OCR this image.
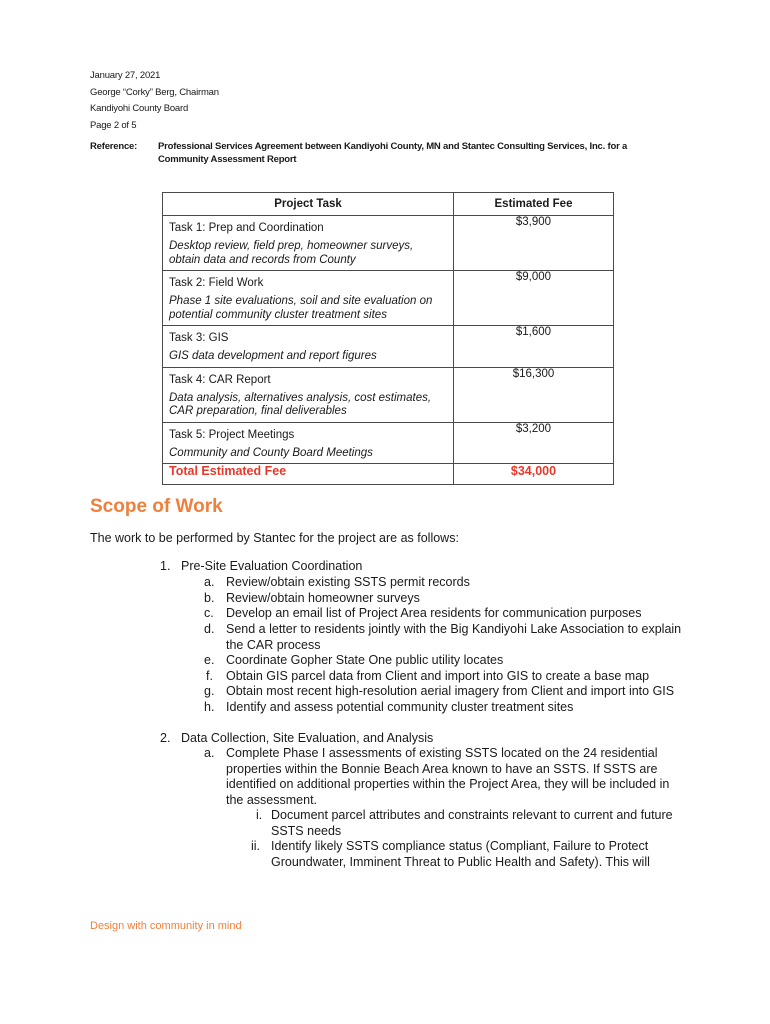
January 27, 2021
George “Corky” Berg, Chairman
Kandiyohi County Board
Page 2 of 5
Reference: Professional Services Agreement between Kandiyohi County, MN and Stantec Consulting Services, Inc. for a Community Assessment Report
Project Task	Estimated Fee

Task 1: Prep and Coordination
Desktop review, field prep, homeowner surveys, obtain data and records from County	$3,900

Task 2: Field Work
Phase 1 site evaluations, soil and site evaluation on potential community cluster treatment sites	$9,000

Task 3: GIS
GIS data development and report figures	$1,600

Task 4: CAR Report
Data analysis, alternatives analysis, cost estimates, CAR preparation, final deliverables	$16,300

Task 5: Project Meetings
Community and County Board Meetings	$3,200
Total Estimated Fee	$34,000
Scope of Work
The work to be performed by Stantec for the project are as follows:
1. Pre-Site Evaluation Coordination
a. Review/obtain existing SSTS permit records
b. Review/obtain homeowner surveys
c. Develop an email list of Project Area residents for communication purposes
d. Send a letter to residents jointly with the Big Kandiyohi Lake Association to explain
the CAR process
e. Coordinate Gopher State One public utility locates
f. Obtain GIS parcel data from Client and import into GIS to create a base map
g. Obtain most recent high-resolution aerial imagery from Client and import into GIS
h. Identify and assess potential community cluster treatment sites
2. Data Collection, Site Evaluation, and Analysis
a. Complete Phase I assessments of existing SSTS located on the 24 residential
properties within the Bonnie Beach Area known to have an SSTS. If SSTS are
identified on additional properties within the Project Area, they will be included in
the assessment.
i. Document parcel attributes and constraints relevant to current and future
SSTS needs
ii. Identify likely SSTS compliance status (Compliant, Failure to Protect
Groundwater, Imminent Threat to Public Health and Safety). This will
Design with community in mind
